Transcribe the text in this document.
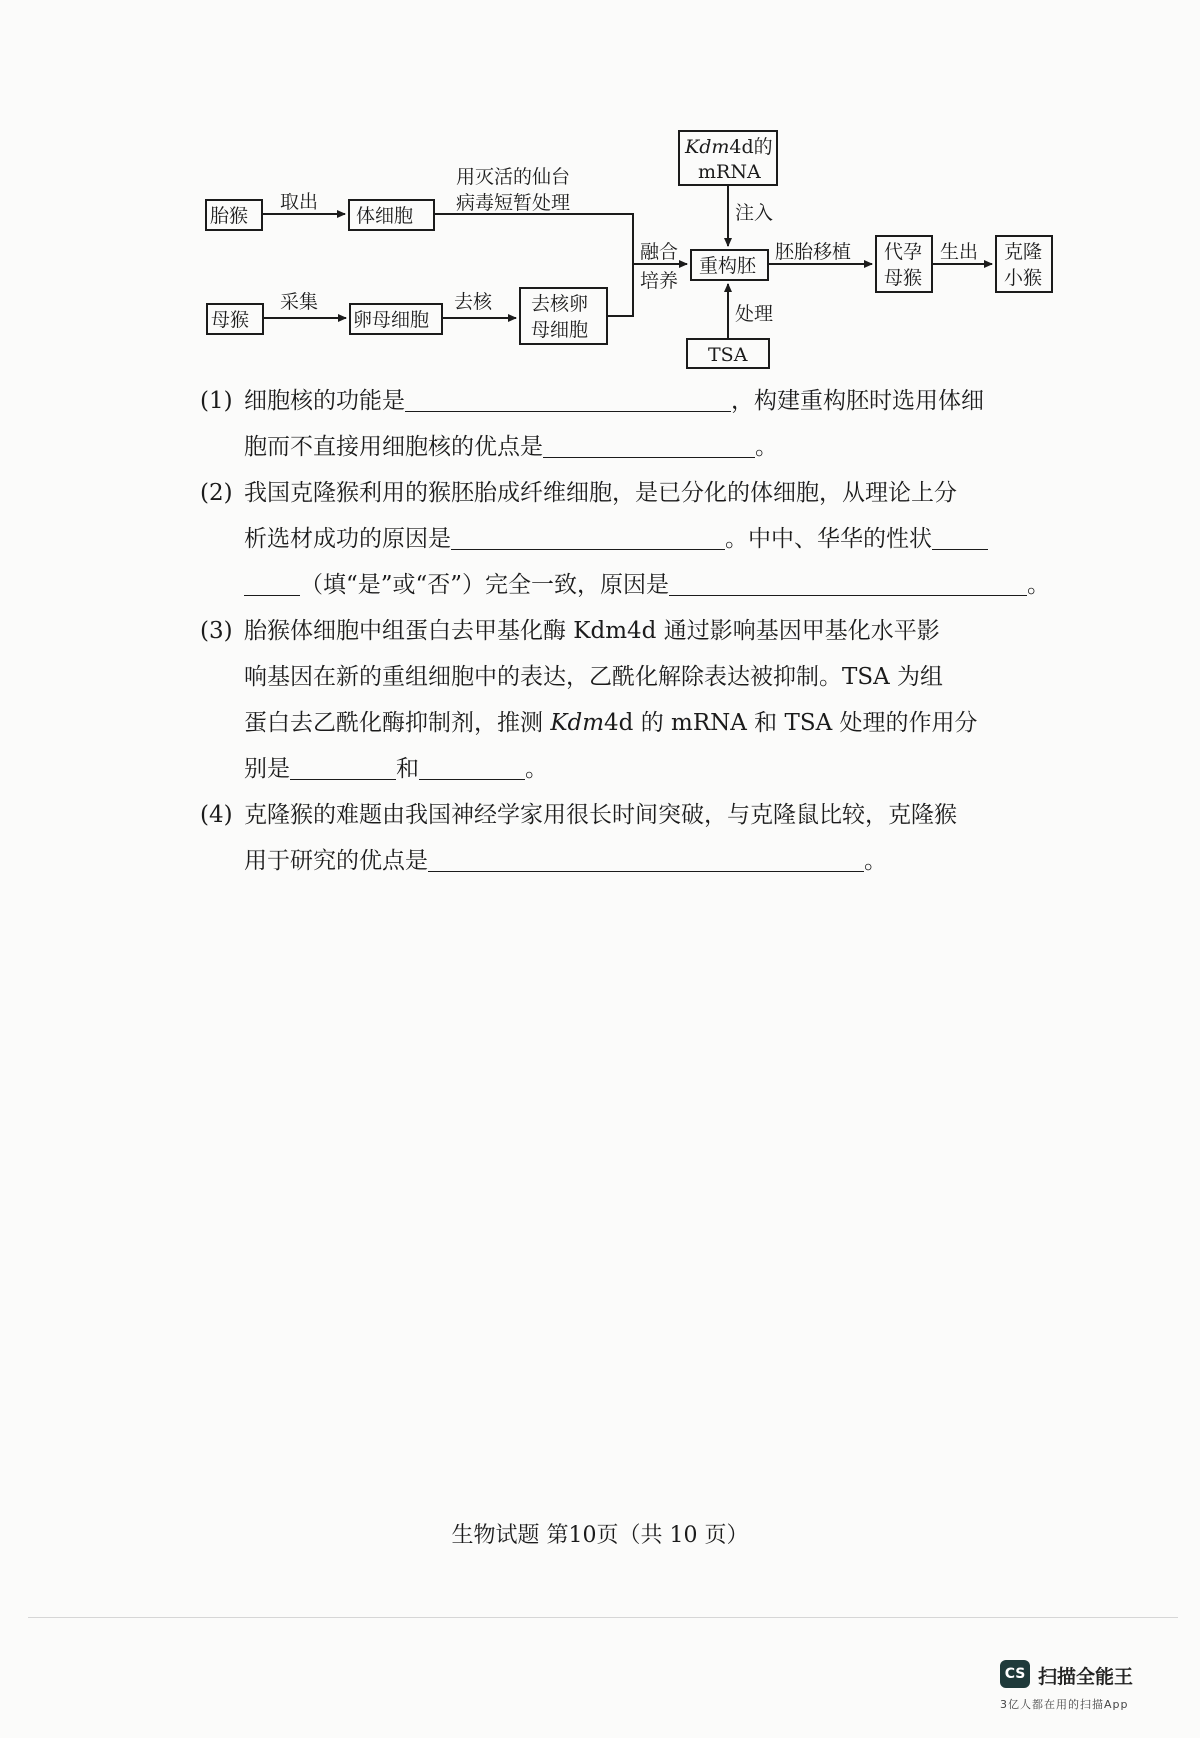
胎猴
取出
体细胞
用灭活的仙台
病毒短暂处理
母猴
采集
卵母细胞
去核 去核卵
母细胞
融合
培养
Kdm4d的
mRNA
注入
重构胚
TSA
处理
胚胎移植 代孕
母猴
生出 克隆
小猴
(1) 细胞核的功能是	，构建重构胚时选用体细
胞而不直接用细胞核的优点是	。
(2) 我国克隆猴利用的猴胚胎成纤维细胞，是已分化的体细胞，从理论上分
析选材成功的原因是	。中中、华华的性状
（填“是”或“否”）完全一致，原因是	。
(3) 胎猴体细胞中组蛋白去甲基化酶 Kdm4d 通过影响基因甲基化水平影
响基因在新的重组细胞中的表达，乙酰化解除表达被抑制。TSA 为组
蛋白去乙酰化酶抑制剂，推测 Kdm4d 的 mRNA 和 TSA 处理的作用分
别是	和	。
(4) 克隆猴的难题由我国神经学家用很长时间突破，与克隆鼠比较，克隆猴
用于研究的优点是	。
生物试题 第10页（共 10 页）
CS 扫描全能王
3亿人都在用的扫描App
